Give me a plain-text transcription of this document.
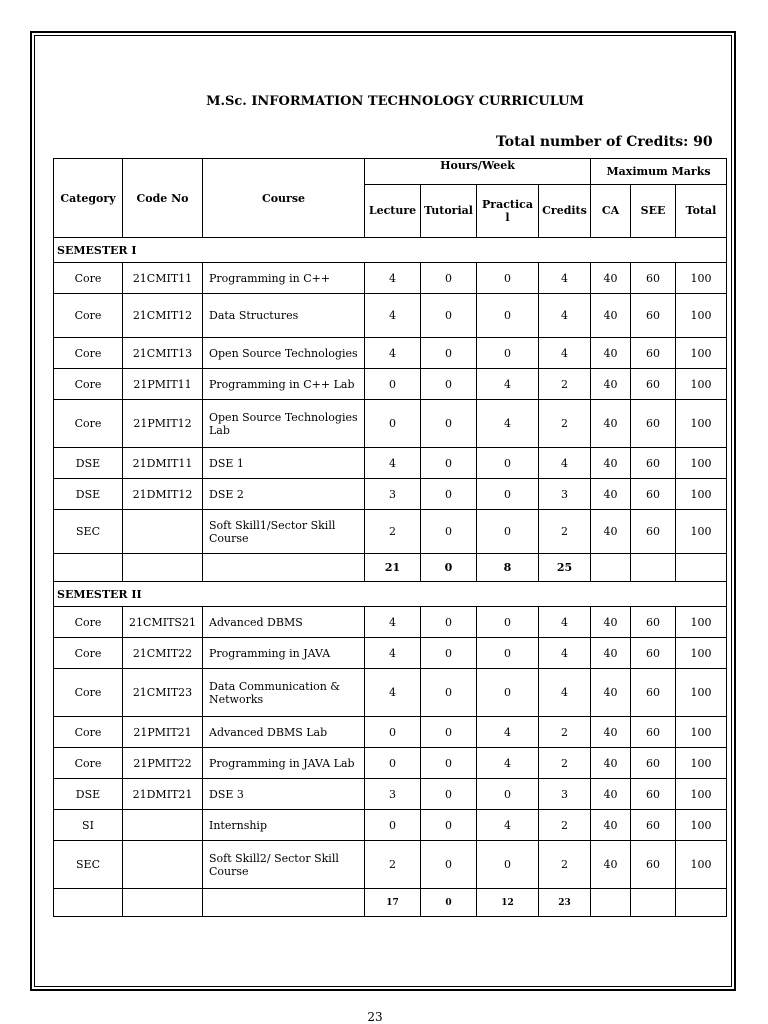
M.Sc. INFORMATION TECHNOLOGY CURRICULUM
Total number of Credits: 90
Category	Code No	Course	Hours/Week				Maximum Marks		
			Lecture	Tutorial	Practical	Credits	CA	SEE	Total
SEMESTER I									
Core	21CMIT11	Programming in C++	4	0	0	4	40	60	100
Core	21CMIT12	Data Structures	4	0	0	4	40	60	100
Core	21CMIT13	Open Source Technologies	4	0	0	4	40	60	100
Core	21PMIT11	Programming in C++ Lab	0	0	4	2	40	60	100
Core	21PMIT12	Open Source Technologies Lab	0	0	4	2	40	60	100
DSE	21DMIT11	DSE 1	4	0	0	4	40	60	100
DSE	21DMIT12	DSE 2	3	0	0	3	40	60	100
SEC		Soft Skill1/Sector Skill Course	2	0	0	2	40	60	100
			21	0	8	25			
SEMESTER II									
Core	21CMITS21	Advanced DBMS	4	0	0	4	40	60	100
Core	21CMIT22	Programming in JAVA	4	0	0	4	40	60	100
Core	21CMIT23	Data Communication & Networks	4	0	0	4	40	60	100
Core	21PMIT21	Advanced DBMS Lab	0	0	4	2	40	60	100
Core	21PMIT22	Programming in JAVA Lab	0	0	4	2	40	60	100
DSE	21DMIT21	DSE 3	3	0	0	3	40	60	100
SI		Internship	0	0	4	2	40	60	100
SEC		Soft Skill2/ Sector Skill Course	2	0	0	2	40	60	100
			17	0	12	23			
23
